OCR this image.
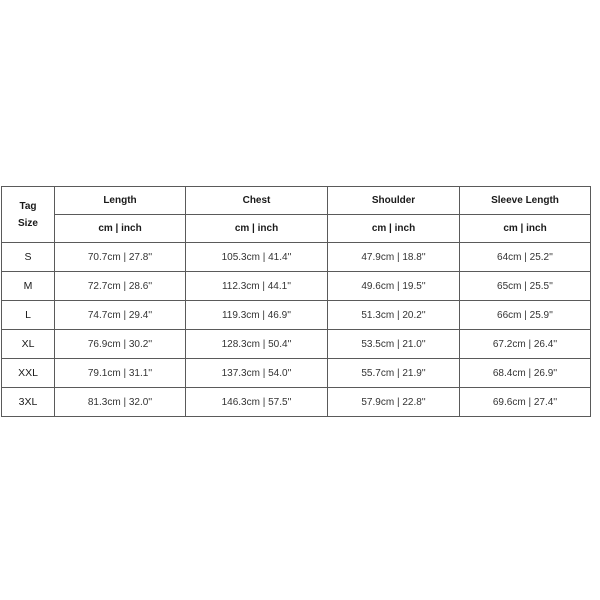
Tag
Size	Length	Chest	Shoulder	Sleeve Length
	cm | inch	cm | inch	cm | inch	cm | inch
S	70.7cm | 27.8''	105.3cm | 41.4''	47.9cm | 18.8''	64cm | 25.2''
M	72.7cm | 28.6''	112.3cm | 44.1''	49.6cm | 19.5''	65cm | 25.5''
L	74.7cm | 29.4''	119.3cm | 46.9''	51.3cm | 20.2''	66cm | 25.9''
XL	76.9cm | 30.2''	128.3cm | 50.4''	53.5cm | 21.0''	67.2cm | 26.4''
XXL	79.1cm | 31.1''	137.3cm | 54.0''	55.7cm | 21.9''	68.4cm | 26.9''
3XL	81.3cm | 32.0''	146.3cm | 57.5''	57.9cm | 22.8''	69.6cm | 27.4''
